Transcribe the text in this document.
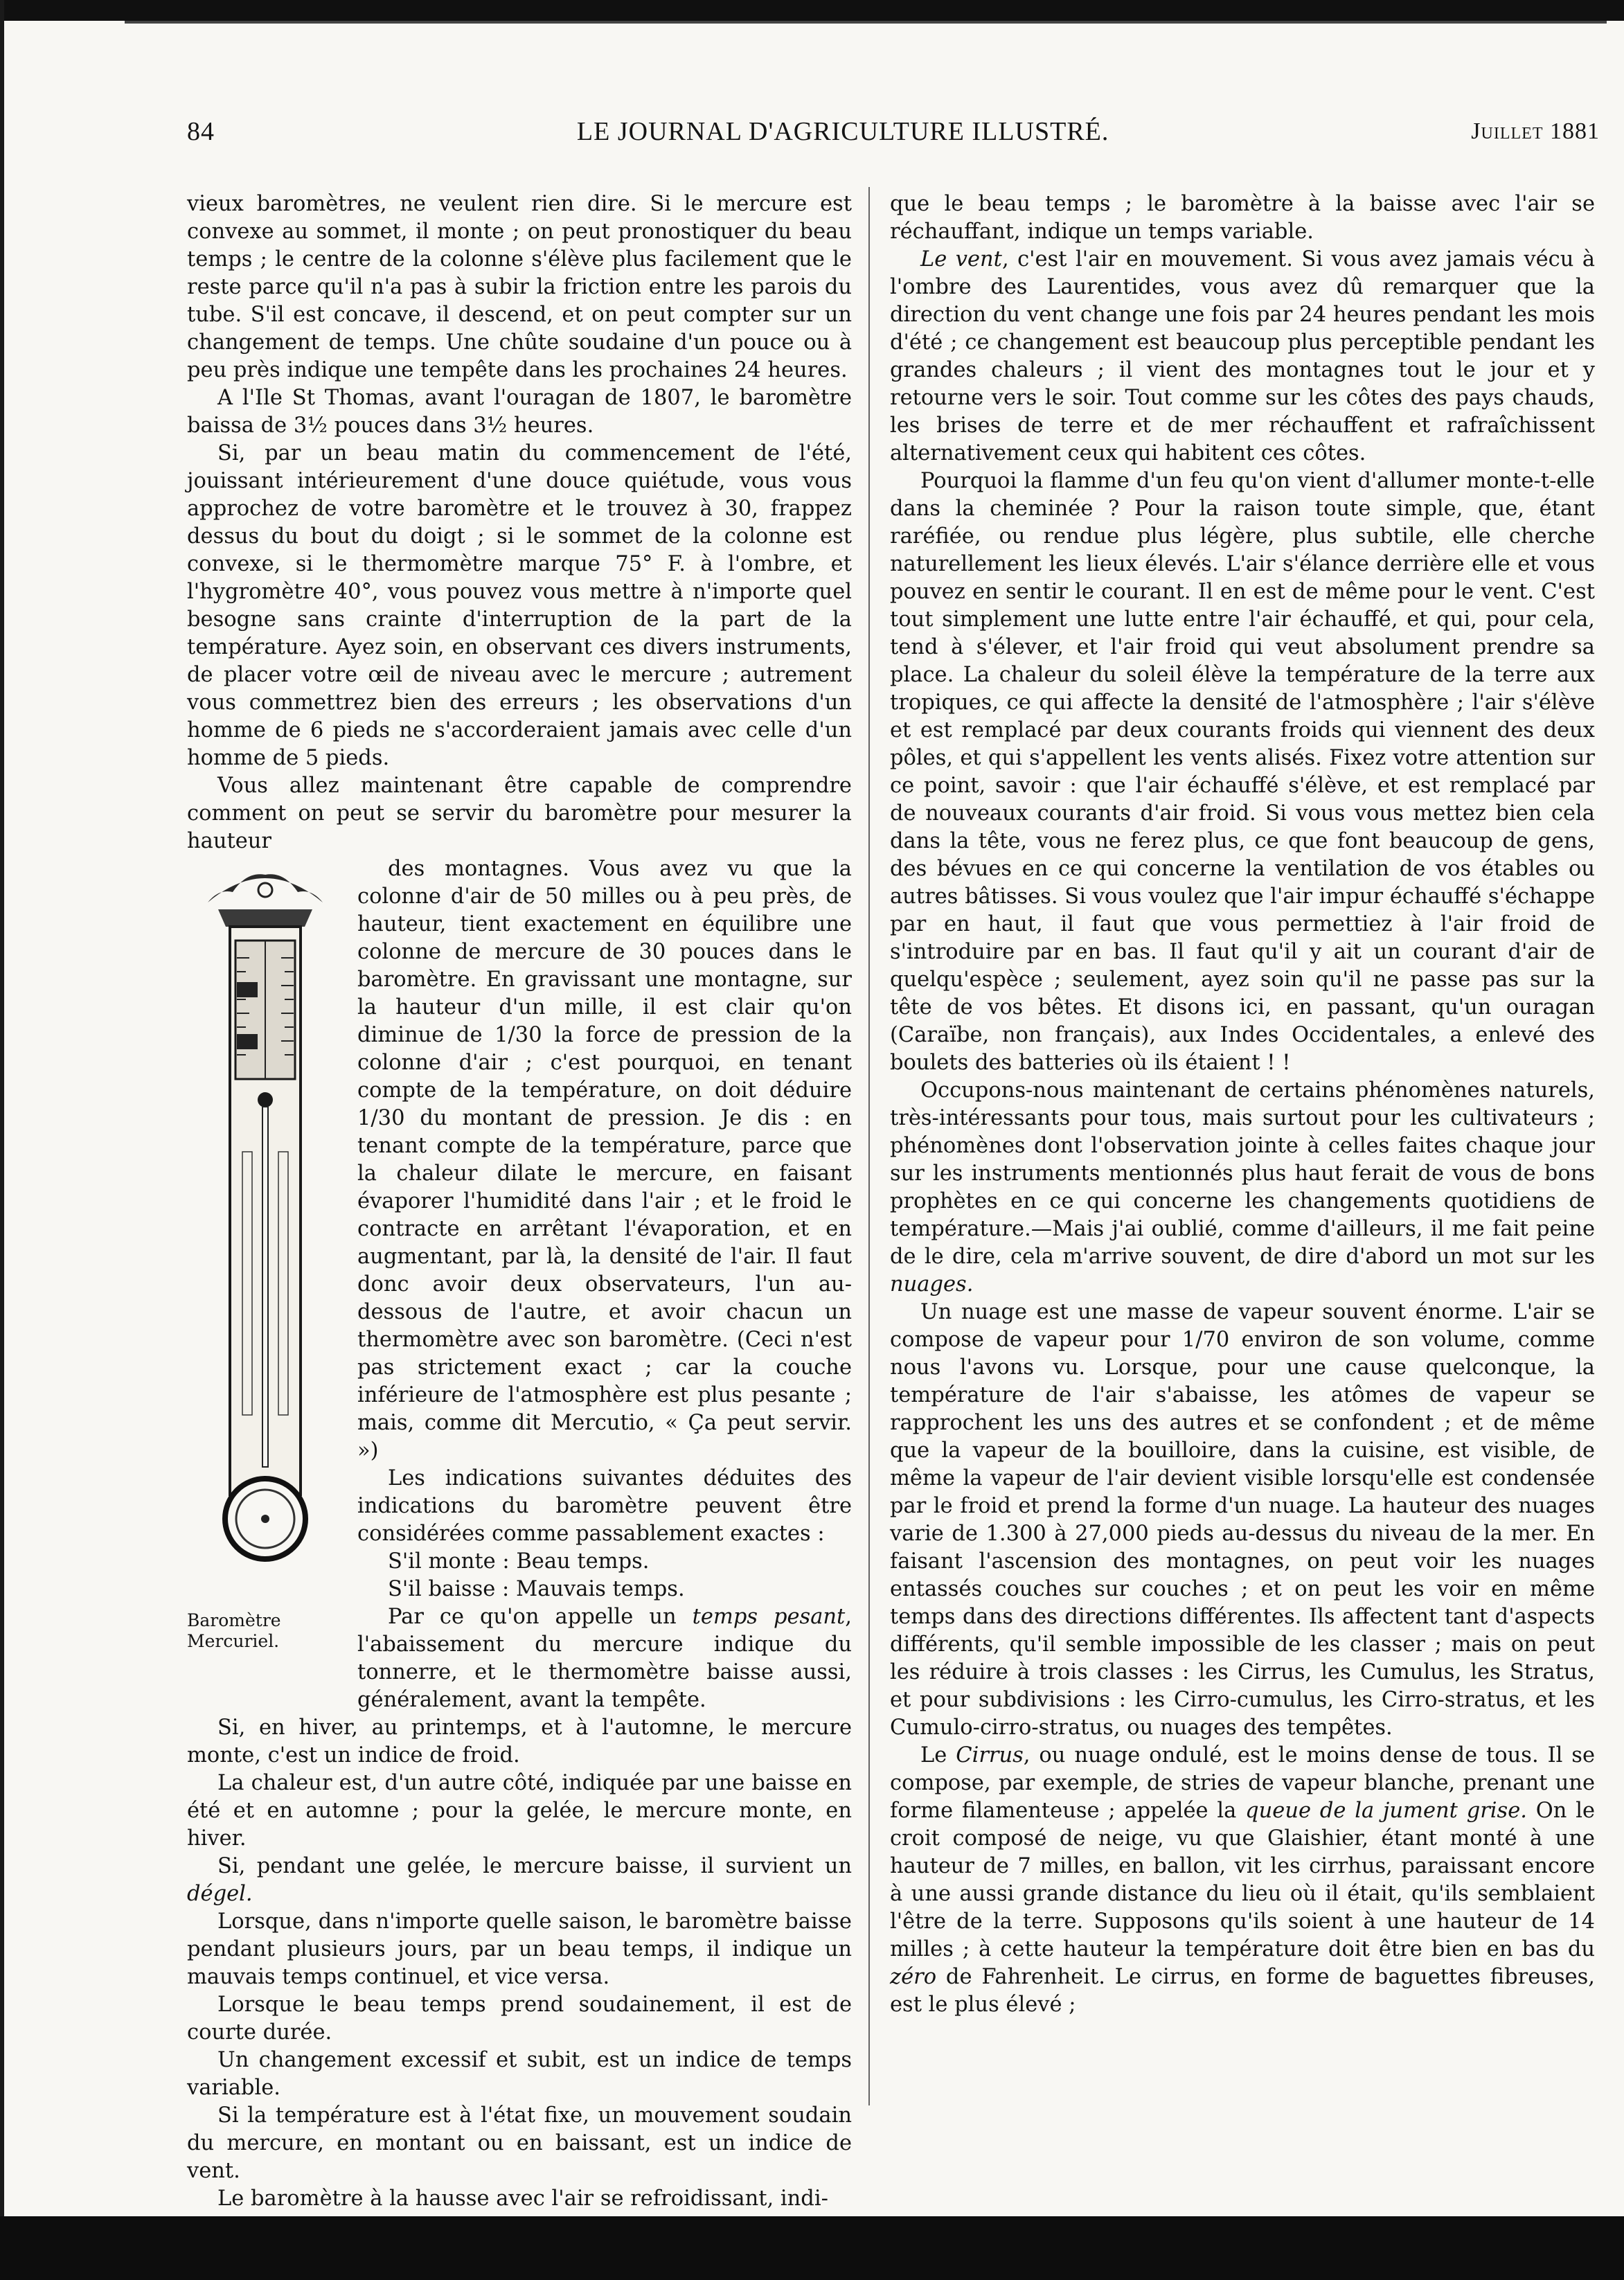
84	LE JOURNAL D'AGRICULTURE ILLUSTRÉ.	Juillet 1881

vieux baromètres, ne veulent rien dire. Si le mercure est convexe au sommet, il monte ; on peut pronostiquer du beau temps ; le centre de la colonne s'élève plus facilement que le reste parce qu'il n'a pas à subir la friction entre les parois du tube. S'il est concave, il descend, et on peut compter sur un changement de temps. Une chûte soudaine d'un pouce ou à peu près indique une tempête dans les prochaines 24 heures.

A l'Ile St Thomas, avant l'ouragan de 1807, le baromètre baissa de 3½ pouces dans 3½ heures.

Si, par un beau matin du commencement de l'été, jouissant intérieurement d'une douce quiétude, vous vous approchez de votre baromètre et le trouvez à 30, frappez dessus du bout du doigt ; si le sommet de la colonne est convexe, si le thermomètre marque 75° F. à l'ombre, et l'hygromètre 40°, vous pouvez vous mettre à n'importe quel besogne sans crainte d'interruption de la part de la température. Ayez soin, en observant ces divers instruments, de placer votre œil de niveau avec le mercure ; autrement vous commettrez bien des erreurs ; les observations d'un homme de 6 pieds ne s'accorderaient jamais avec celle d'un homme de 5 pieds.

Vous allez maintenant être capable de comprendre comment on peut se servir du baromètre pour mesurer la hauteur

Baromètre Mercuriel.

des montagnes. Vous avez vu que la colonne d'air de 50 milles ou à peu près, de hauteur, tient exactement en équilibre une colonne de mercure de 30 pouces dans le baromètre. En gravissant une montagne, sur la hauteur d'un mille, il est clair qu'on diminue de 1/30 la force de pression de la colonne d'air ; c'est pourquoi, en tenant compte de la température, on doit déduire 1/30 du montant de pression. Je dis : en tenant compte de la température, parce que la chaleur dilate le mercure, en faisant évaporer l'humidité dans l'air ; et le froid le contracte en arrêtant l'évaporation, et en augmentant, par là, la densité de l'air. Il faut donc avoir deux observateurs, l'un au-dessous de l'autre, et avoir chacun un thermomètre avec son baromètre. (Ceci n'est pas strictement exact ; car la couche inférieure de l'atmosphère est plus pesante ; mais, comme dit Mercutio, « Ça peut servir. »)

Les indications suivantes déduites des indications du baromètre peuvent être considérées comme passablement exactes :

S'il monte : Beau temps.

S'il baisse : Mauvais temps.

Par ce qu'on appelle un temps pesant, l'abaissement du mercure indique du tonnerre, et le thermomètre baisse aussi, généralement, avant la tempête.

Si, en hiver, au printemps, et à l'automne, le mercure monte, c'est un indice de froid.

La chaleur est, d'un autre côté, indiquée par une baisse en été et en automne ; pour la gelée, le mercure monte, en hiver.

Si, pendant une gelée, le mercure baisse, il survient un dégel.

Lorsque, dans n'importe quelle saison, le baromètre baisse pendant plusieurs jours, par un beau temps, il indique un mauvais temps continuel, et vice versa.

Lorsque le beau temps prend soudainement, il est de courte durée.

Un changement excessif et subit, est un indice de temps variable.

Si la température est à l'état fixe, un mouvement soudain du mercure, en montant ou en baissant, est un indice de vent.

Le baromètre à la hausse avec l'air se refroidissant, indi-

que le beau temps ; le baromètre à la baisse avec l'air se réchauffant, indique un temps variable.

Le vent, c'est l'air en mouvement. Si vous avez jamais vécu à l'ombre des Laurentides, vous avez dû remarquer que la direction du vent change une fois par 24 heures pendant les mois d'été ; ce changement est beaucoup plus perceptible pendant les grandes chaleurs ; il vient des montagnes tout le jour et y retourne vers le soir. Tout comme sur les côtes des pays chauds, les brises de terre et de mer réchauffent et rafraîchissent alternativement ceux qui habitent ces côtes.

Pourquoi la flamme d'un feu qu'on vient d'allumer monte-t-elle dans la cheminée ? Pour la raison toute simple, que, étant raréfiée, ou rendue plus légère, plus subtile, elle cherche naturellement les lieux élevés. L'air s'élance derrière elle et vous pouvez en sentir le courant. Il en est de même pour le vent. C'est tout simplement une lutte entre l'air échauffé, et qui, pour cela, tend à s'élever, et l'air froid qui veut absolument prendre sa place. La chaleur du soleil élève la température de la terre aux tropiques, ce qui affecte la densité de l'atmosphère ; l'air s'élève et est remplacé par deux courants froids qui viennent des deux pôles, et qui s'appellent les vents alisés. Fixez votre attention sur ce point, savoir : que l'air échauffé s'élève, et est remplacé par de nouveaux courants d'air froid. Si vous vous mettez bien cela dans la tête, vous ne ferez plus, ce que font beaucoup de gens, des bévues en ce qui concerne la ventilation de vos étables ou autres bâtisses. Si vous voulez que l'air impur échauffé s'échappe par en haut, il faut que vous permettiez à l'air froid de s'introduire par en bas. Il faut qu'il y ait un courant d'air de quelqu'espèce ; seulement, ayez soin qu'il ne passe pas sur la tête de vos bêtes. Et disons ici, en passant, qu'un ouragan (Caraïbe, non français), aux Indes Occidentales, a enlevé des boulets des batteries où ils étaient ! !

Occupons-nous maintenant de certains phénomènes naturels, très-intéressants pour tous, mais surtout pour les cultivateurs ; phénomènes dont l'observation jointe à celles faites chaque jour sur les instruments mentionnés plus haut ferait de vous de bons prophètes en ce qui concerne les changements quotidiens de température.—Mais j'ai oublié, comme d'ailleurs, il me fait peine de le dire, cela m'arrive souvent, de dire d'abord un mot sur les nuages.

Un nuage est une masse de vapeur souvent énorme. L'air se compose de vapeur pour 1/70 environ de son volume, comme nous l'avons vu. Lorsque, pour une cause quelconque, la température de l'air s'abaisse, les atômes de vapeur se rapprochent les uns des autres et se confondent ; et de même que la vapeur de la bouilloire, dans la cuisine, est visible, de même la vapeur de l'air devient visible lorsqu'elle est condensée par le froid et prend la forme d'un nuage. La hauteur des nuages varie de 1.300 à 27,000 pieds au-dessus du niveau de la mer. En faisant l'ascension des montagnes, on peut voir les nuages entassés couches sur couches ; et on peut les voir en même temps dans des directions différentes. Ils affectent tant d'aspects différents, qu'il semble impossible de les classer ; mais on peut les réduire à trois classes : les Cirrus, les Cumulus, les Stratus, et pour subdivisions : les Cirro-cumulus, les Cirro-stratus, et les Cumulo-cirro-stratus, ou nuages des tempêtes.

Le Cirrus, ou nuage ondulé, est le moins dense de tous. Il se compose, par exemple, de stries de vapeur blanche, prenant une forme filamenteuse ; appelée la queue de la jument grise. On le croit composé de neige, vu que Glaishier, étant monté à une hauteur de 7 milles, en ballon, vit les cirrhus, paraissant encore à une aussi grande distance du lieu où il était, qu'ils semblaient l'être de la terre. Supposons qu'ils soient à une hauteur de 14 milles ; à cette hauteur la température doit être bien en bas du zéro de Fahrenheit. Le cirrus, en forme de baguettes fibreuses, est le plus élevé ;
